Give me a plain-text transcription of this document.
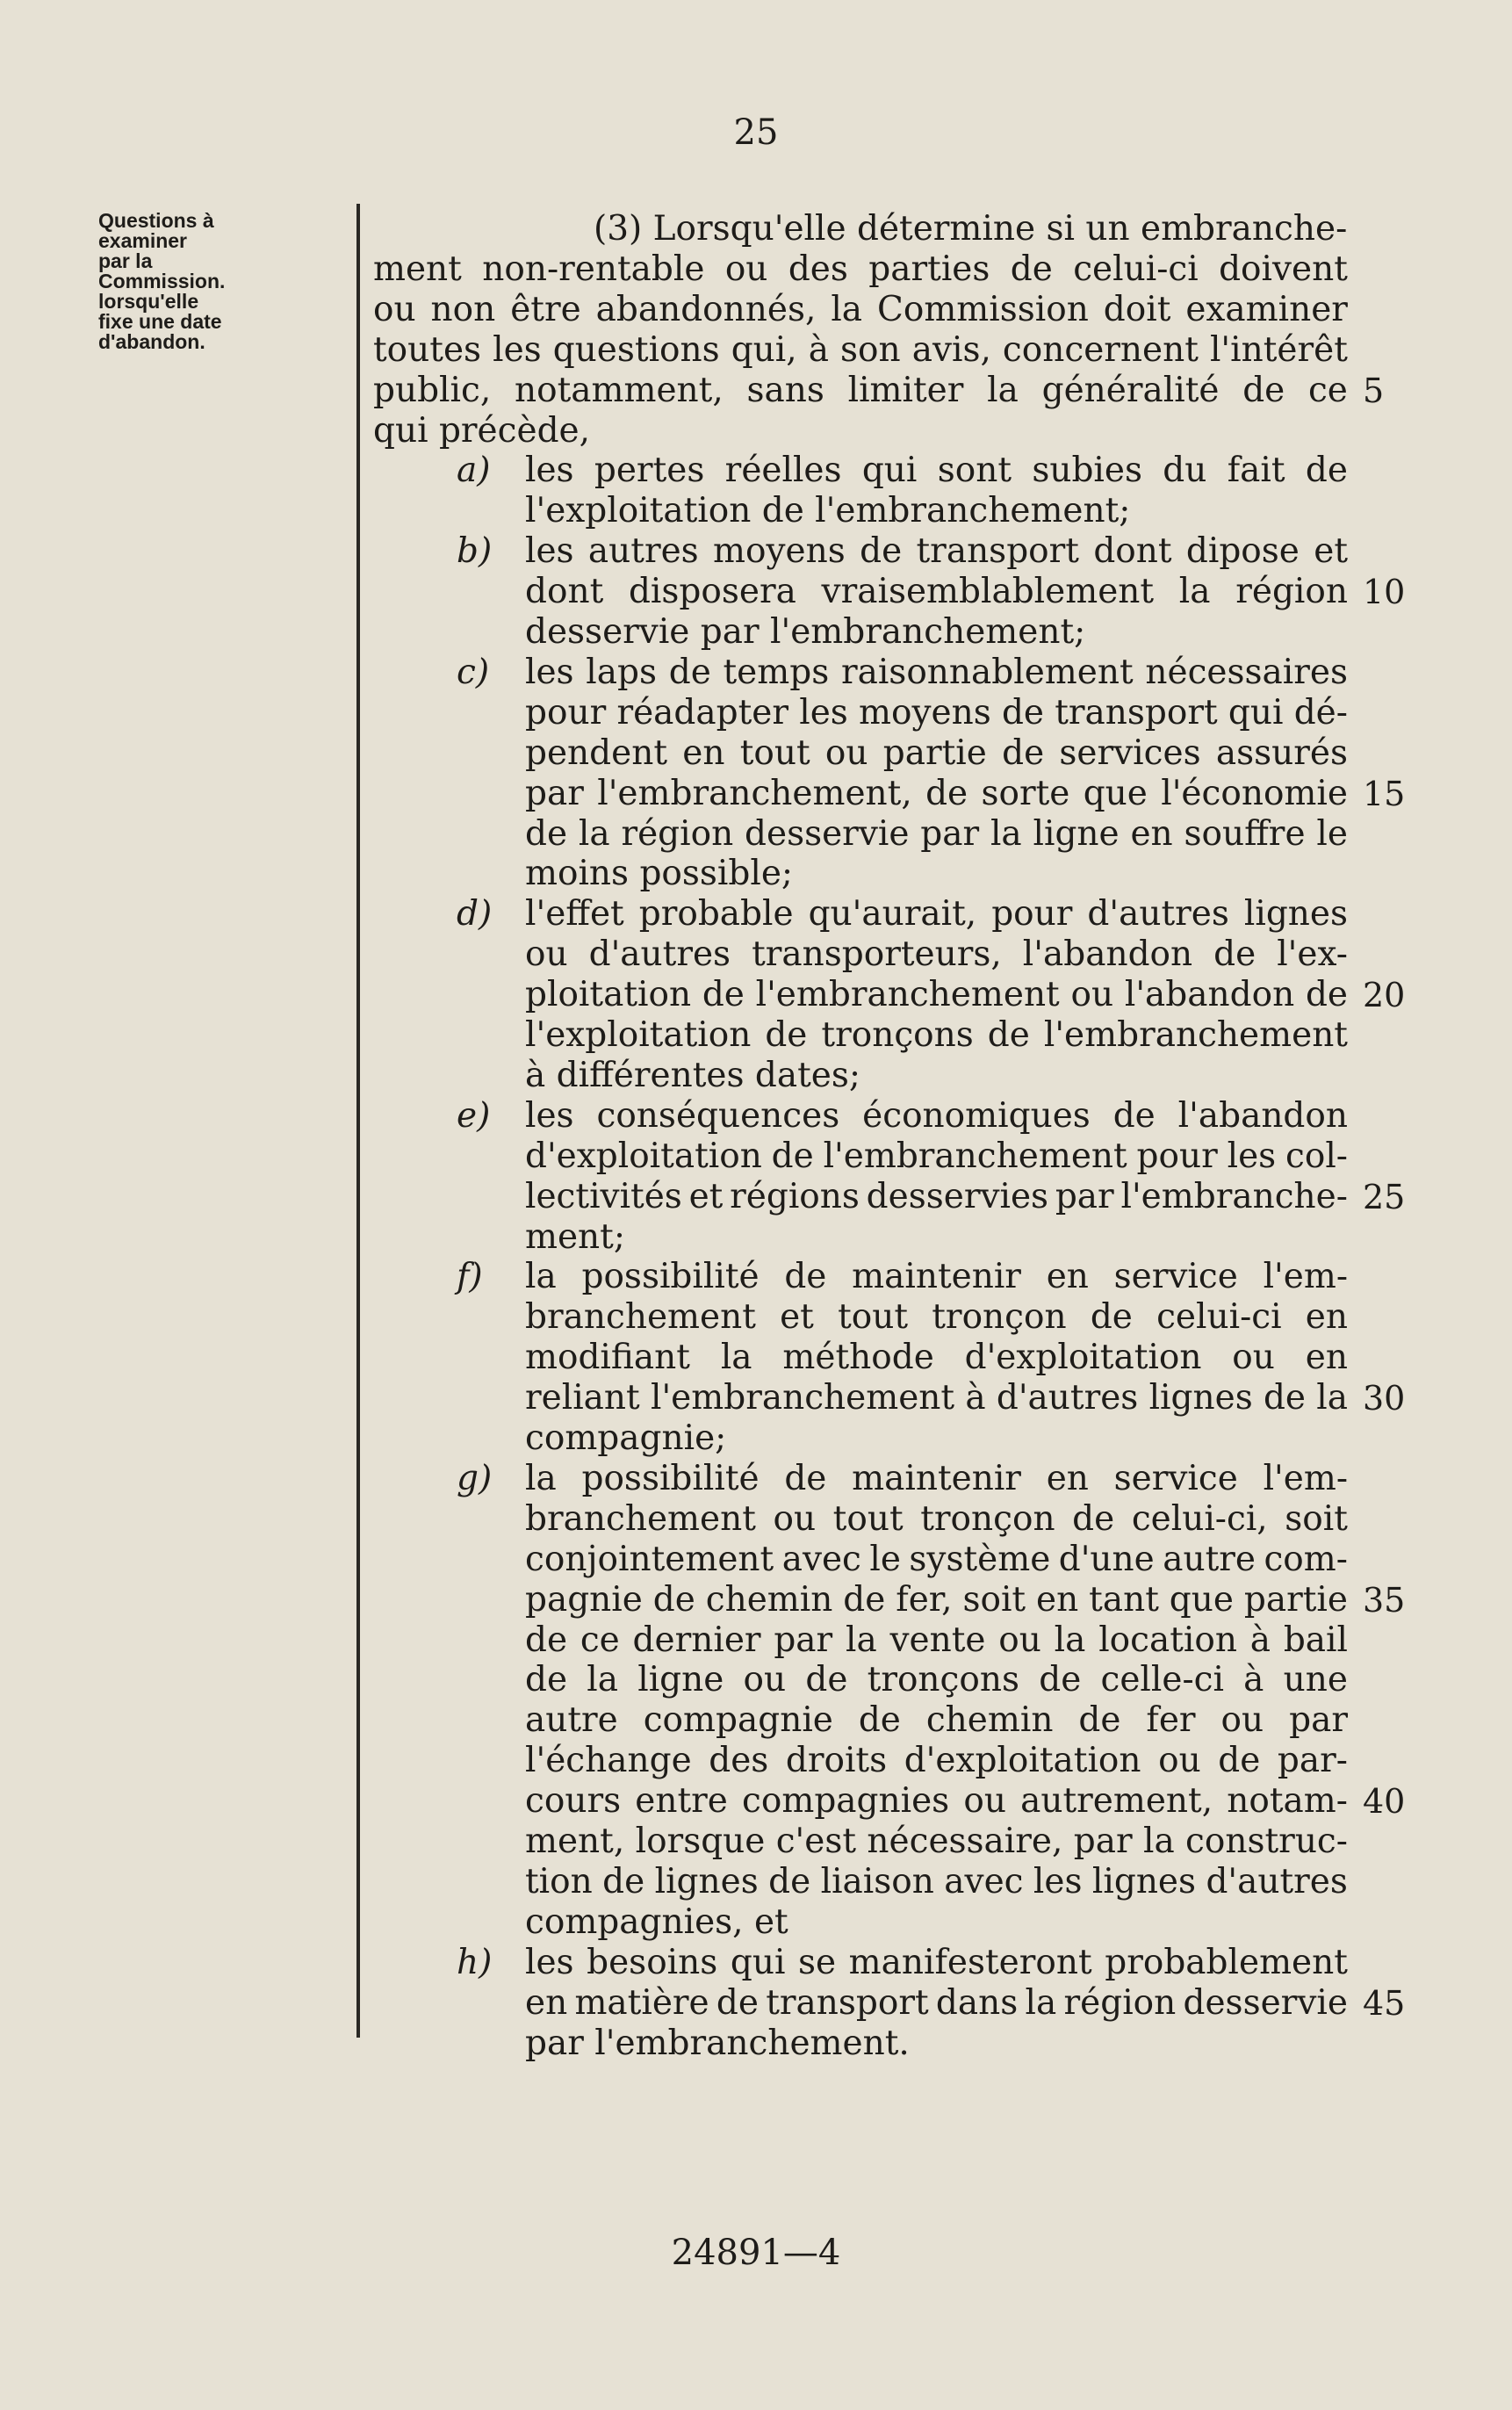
25
Questions à
examiner
par la
Commission.
lorsqu'elle
fixe une date
d'abandon.
(3) Lorsqu'elle détermine si un embranche-
ment non-rentable ou des parties de celui-ci doivent
ou non être abandonnés, la Commission doit examiner
toutes les questions qui, à son avis, concernent l'intérêt
public, notamment, sans limiter la généralité de ce
qui précède,
a) les pertes réelles qui sont subies du fait de
l'exploitation de l'embranchement;
b) les autres moyens de transport dont dipose et
dont disposera vraisemblablement la région
desservie par l'embranchement;
c) les laps de temps raisonnablement nécessaires
pour réadapter les moyens de transport qui dé-
pendent en tout ou partie de services assurés
par l'embranchement, de sorte que l'économie
de la région desservie par la ligne en souffre le
moins possible;
d) l'effet probable qu'aurait, pour d'autres lignes
ou d'autres transporteurs, l'abandon de l'ex-
ploitation de l'embranchement ou l'abandon de
l'exploitation de tronçons de l'embranchement
à différentes dates;
e) les conséquences économiques de l'abandon
d'exploitation de l'embranchement pour les col-
lectivités et régions desservies par l'embranche-
ment;
f) la possibilité de maintenir en service l'em-
branchement et tout tronçon de celui-ci en
modifiant la méthode d'exploitation ou en
reliant l'embranchement à d'autres lignes de la
compagnie;
g) la possibilité de maintenir en service l'em-
branchement ou tout tronçon de celui-ci, soit
conjointement avec le système d'une autre com-
pagnie de chemin de fer, soit en tant que partie
de ce dernier par la vente ou la location à bail
de la ligne ou de tronçons de celle-ci à une
autre compagnie de chemin de fer ou par
l'échange des droits d'exploitation ou de par-
cours entre compagnies ou autrement, notam-
ment, lorsque c'est nécessaire, par la construc-
tion de lignes de liaison avec les lignes d'autres
compagnies, et
h) les besoins qui se manifesteront probablement
en matière de transport dans la région desservie
par l'embranchement.
5
10
15
20
25
30
35
40
45
24891—4
